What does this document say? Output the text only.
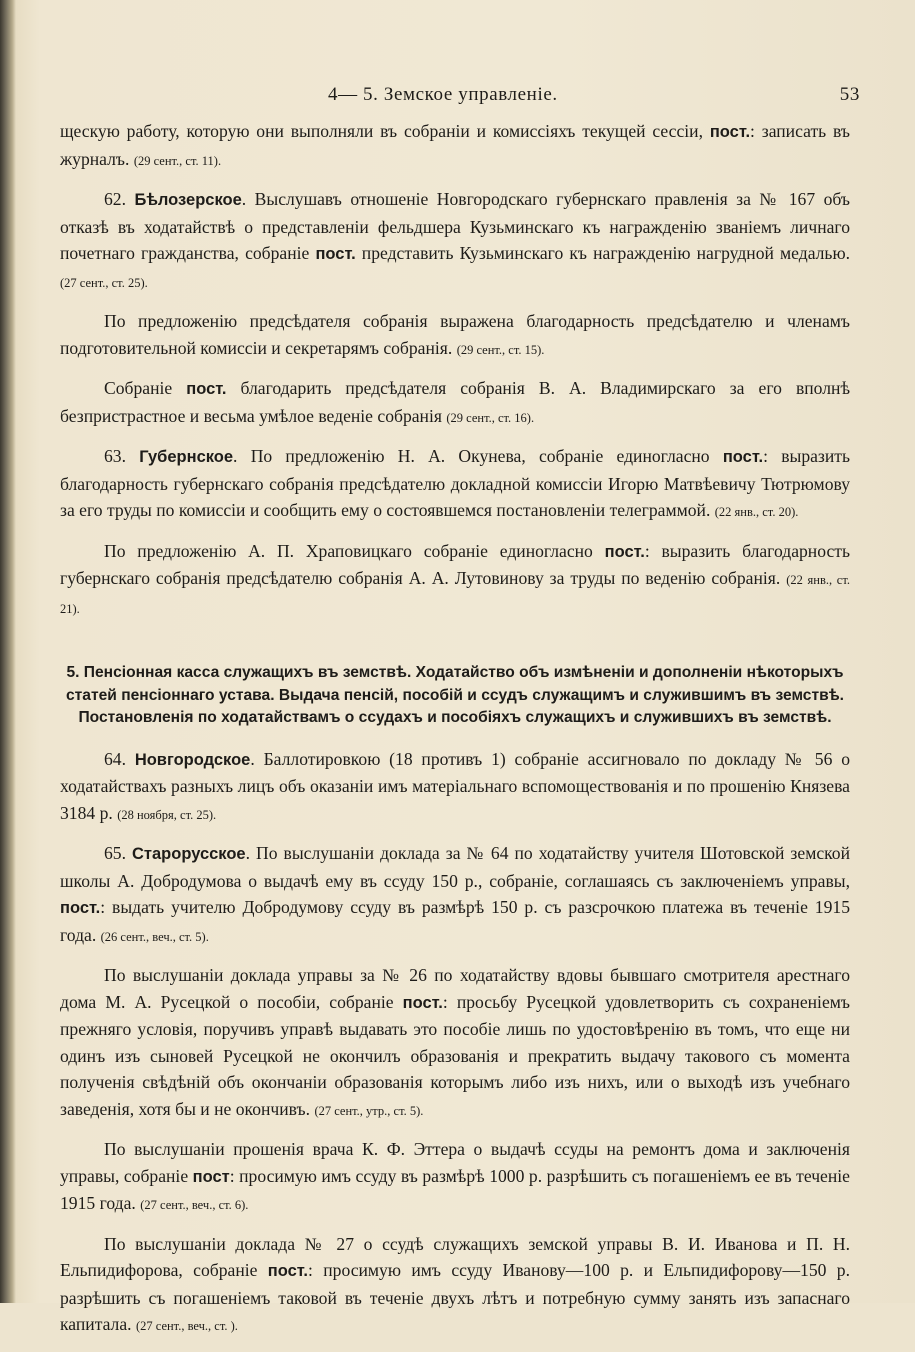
4— 5. Земское управленіе.	53

щескую работу, которую они выполняли въ собраніи и комиссіяхъ текущей сессіи, пост.: записать въ журналъ. (29 сент., ст. 11).

62. Бѣлозерское. Выслушавъ отношеніе Новгородскаго губернскаго правленія за № 167 объ отказѣ въ ходатайствѣ о представленіи фельдшера Кузьминскаго къ награжденію званіемъ личнаго почетнаго гражданства, собраніе пост. представить Кузьминскаго къ награжденію нагрудной медалью. (27 сент., ст. 25).

По предложенію предсѣдателя собранія выражена благодарность предсѣдателю и членамъ подготовительной комиссіи и секретарямъ собранія. (29 сент., ст. 15).

Собраніе пост. благодарить предсѣдателя собранія В. А. Владимирскаго за его вполнѣ безпристрастное и весьма умѣлое веденіе собранія (29 сент., ст. 16).

63. Губернское. По предложенію Н. А. Окунева, собраніе единогласно пост.: выразить благодарность губернскаго собранія предсѣдателю докладной комиссіи Игорю Матвѣевичу Тютрюмову за его труды по комиссіи и сообщить ему о состоявшемся постановленіи телеграммой. (22 янв., ст. 20).

По предложенію А. П. Храповицкаго собраніе единогласно пост.: выразить благодарность губернскаго собранія предсѣдателю собранія А. А. Лутовинову за труды по веденію собранія. (22 янв., ст. 21).

5. Пенсіонная касса служащихъ въ земствѣ. Ходатайство объ измѣненіи и дополненіи нѣкоторыхъ статей пенсіоннаго устава. Выдача пенсій, пособій и ссудъ служащимъ и служившимъ въ земствѣ. Постановленія по ходатайствамъ о ссудахъ и пособіяхъ служащихъ и служившихъ въ земствѣ.

64. Новгородское. Баллотировкою (18 противъ 1) собраніе ассигновало по докладу № 56 о ходатайствахъ разныхъ лицъ объ оказаніи имъ матеріальнаго вспомоществованія и по прошенію Князева 3184 р. (28 ноября, ст. 25).

65. Старорусское. По выслушаніи доклада за № 64 по ходатайству учителя Шотовской земской школы А. Добродумова о выдачѣ ему въ ссуду 150 р., собраніе, соглашаясь съ заключеніемъ управы, пост.: выдать учителю Добродумову ссуду въ размѣрѣ 150 р. съ разсрочкою платежа въ теченіе 1915 года. (26 сент., веч., ст. 5).

По выслушаніи доклада управы за № 26 по ходатайству вдовы бывшаго смотрителя арестнаго дома М. А. Русецкой о пособіи, собраніе пост.: просьбу Русецкой удовлетворить съ сохраненіемъ прежняго условія, поручивъ управѣ выдавать это пособіе лишь по удостовѣренію въ томъ, что еще ни одинъ изъ сыновей Русецкой не окончилъ образованія и прекратить выдачу такового съ момента полученія свѣдѣній объ окончаніи образованія которымъ либо изъ нихъ, или о выходѣ изъ учебнаго заведенія, хотя бы и не окончивъ. (27 сент., утр., ст. 5).

По выслушаніи прошенія врача К. Ф. Эттера о выдачѣ ссуды на ремонтъ дома и заключенія управы, собраніе пост: просимую имъ ссуду въ размѣрѣ 1000 р. разрѣшить съ погашеніемъ ее въ теченіе 1915 года. (27 сент., веч., ст. 6).

По выслушаніи доклада № 27 о ссудѣ служащихъ земской управы В. И. Иванова и П. Н. Ельпидифорова, собраніе пост.: просимую имъ ссуду Иванову—100 р. и Ельпидифорову—150 р. разрѣшить съ погашеніемъ таковой въ теченіе двухъ лѣтъ и потребную сумму занять изъ запаснаго капитала. (27 сент., веч., ст. ).
